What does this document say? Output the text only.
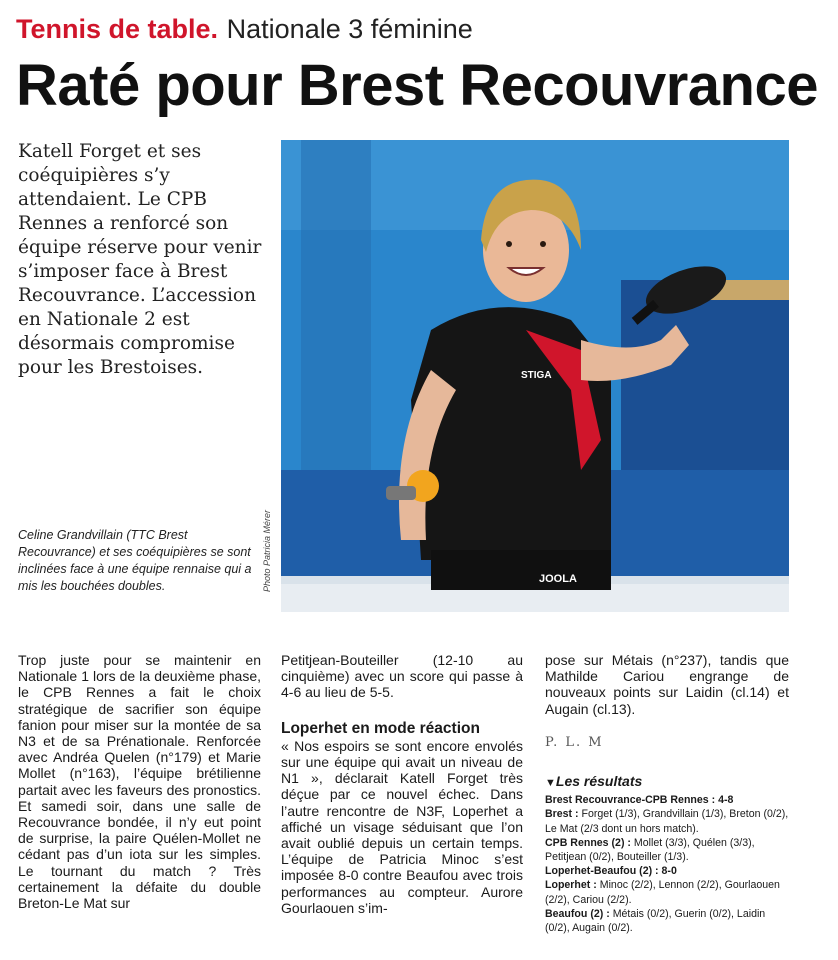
Tennis de table. Nationale 3 féminine
Raté pour Brest Recouvrance

Katell Forget et ses coéquipières s’y attendaient. Le CPB Rennes a renforcé son équipe réserve pour venir s’imposer face à Brest Recouvrance. L’accession en Nationale 2 est désormais compromise pour les Brestoises.	STIGA
JOOLA
Photo Patricia Mérer

Celine Grandvillain (TTC Brest Recouvrance) et ses coéquipières se sont inclinées face à une équipe rennaise qui a mis les bouchées doubles.

Trop juste pour se maintenir en Nationale 1 lors de la deuxième phase, le CPB Rennes a fait le choix stratégique de sacrifier son équipe fanion pour miser sur la montée de sa N3 et de sa Prénationale. Renforcée avec Andréa Quelen (n°179) et Marie Mollet (n°163), l’équipe brétilienne partait avec les faveurs des pronostics. Et samedi soir, dans une salle de Recouvrance bondée, il n’y eut point de surprise, la paire Quélen-Mollet ne cédant pas d’un iota sur les simples. Le tournant du match ? Très certainement la défaite du double Breton-Le Mat sur

Petitjean-Bouteiller (12-10 au cinquième) avec un score qui passe à 4-6 au lieu de 5-5.

Loperhet en mode réaction

« Nos espoirs se sont encore envolés sur une équipe qui avait un niveau de N1 », déclarait Katell Forget très déçue par ce nouvel échec. Dans l’autre rencontre de N3F, Loperhet a affiché un visage séduisant que l’on avait oublié depuis un certain temps. L’équipe de Patricia Minoc s’est imposée 8-0 contre Beaufou avec trois performances au compteur. Aurore Gourlaouen s’im-

pose sur Métais (n°237), tandis que Mathilde Cariou engrange de nouveaux points sur Laidin (cl.14) et Augain (cl.13).

P. L. M

▼Les résultats

Brest Recouvrance-CPB Rennes : 4-8

Brest : Forget (1/3), Grandvillain (1/3), Breton (0/2), Le Mat (2/3 dont un hors match).

CPB Rennes (2) : Mollet (3/3), Quélen (3/3), Petitjean (0/2), Bouteiller (1/3).

Loperhet-Beaufou (2) : 8-0

Loperhet : Minoc (2/2), Lennon (2/2), Gourlaouen (2/2), Cariou (2/2).

Beaufou (2) : Métais (0/2), Guerin (0/2), Laidin (0/2), Augain (0/2).
